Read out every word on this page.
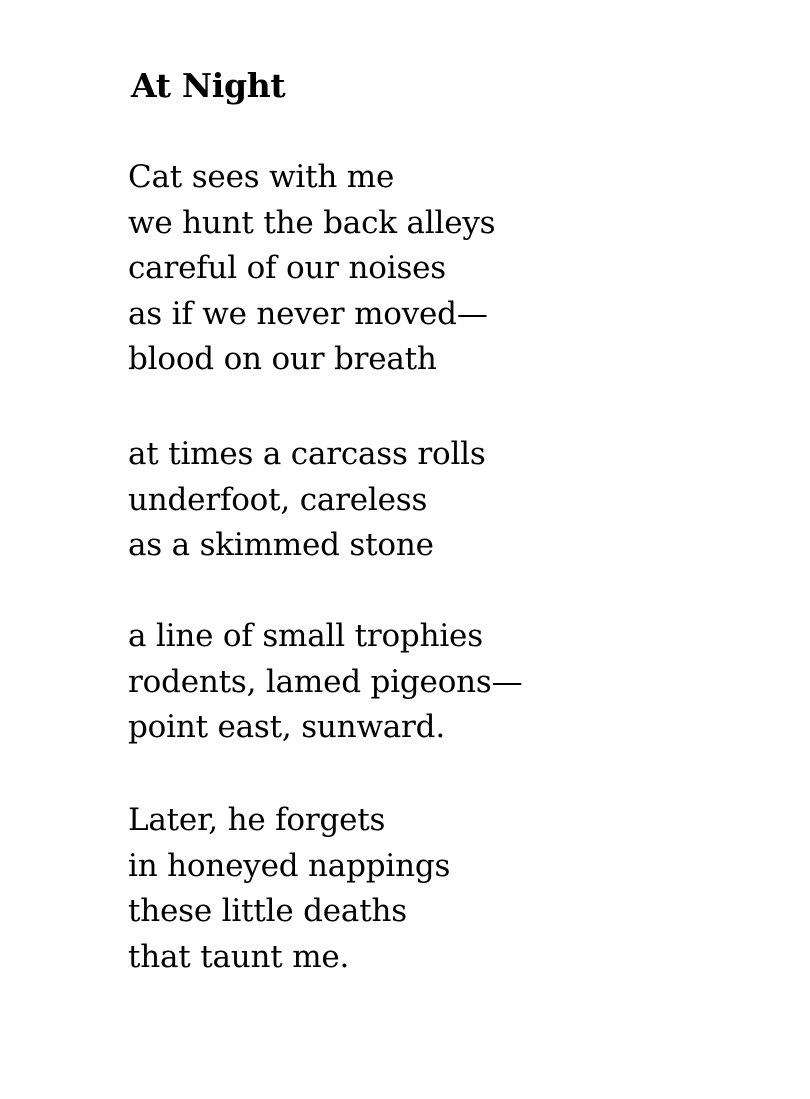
At Night
Cat sees with me
we hunt the back alleys
careful of our noises
as if we never moved—
blood on our breath
at times a carcass rolls
underfoot, careless
as a skimmed stone
a line of small trophies
rodents, lamed pigeons—
point east, sunward.
Later, he forgets
in honeyed nappings
these little deaths
that taunt me.
